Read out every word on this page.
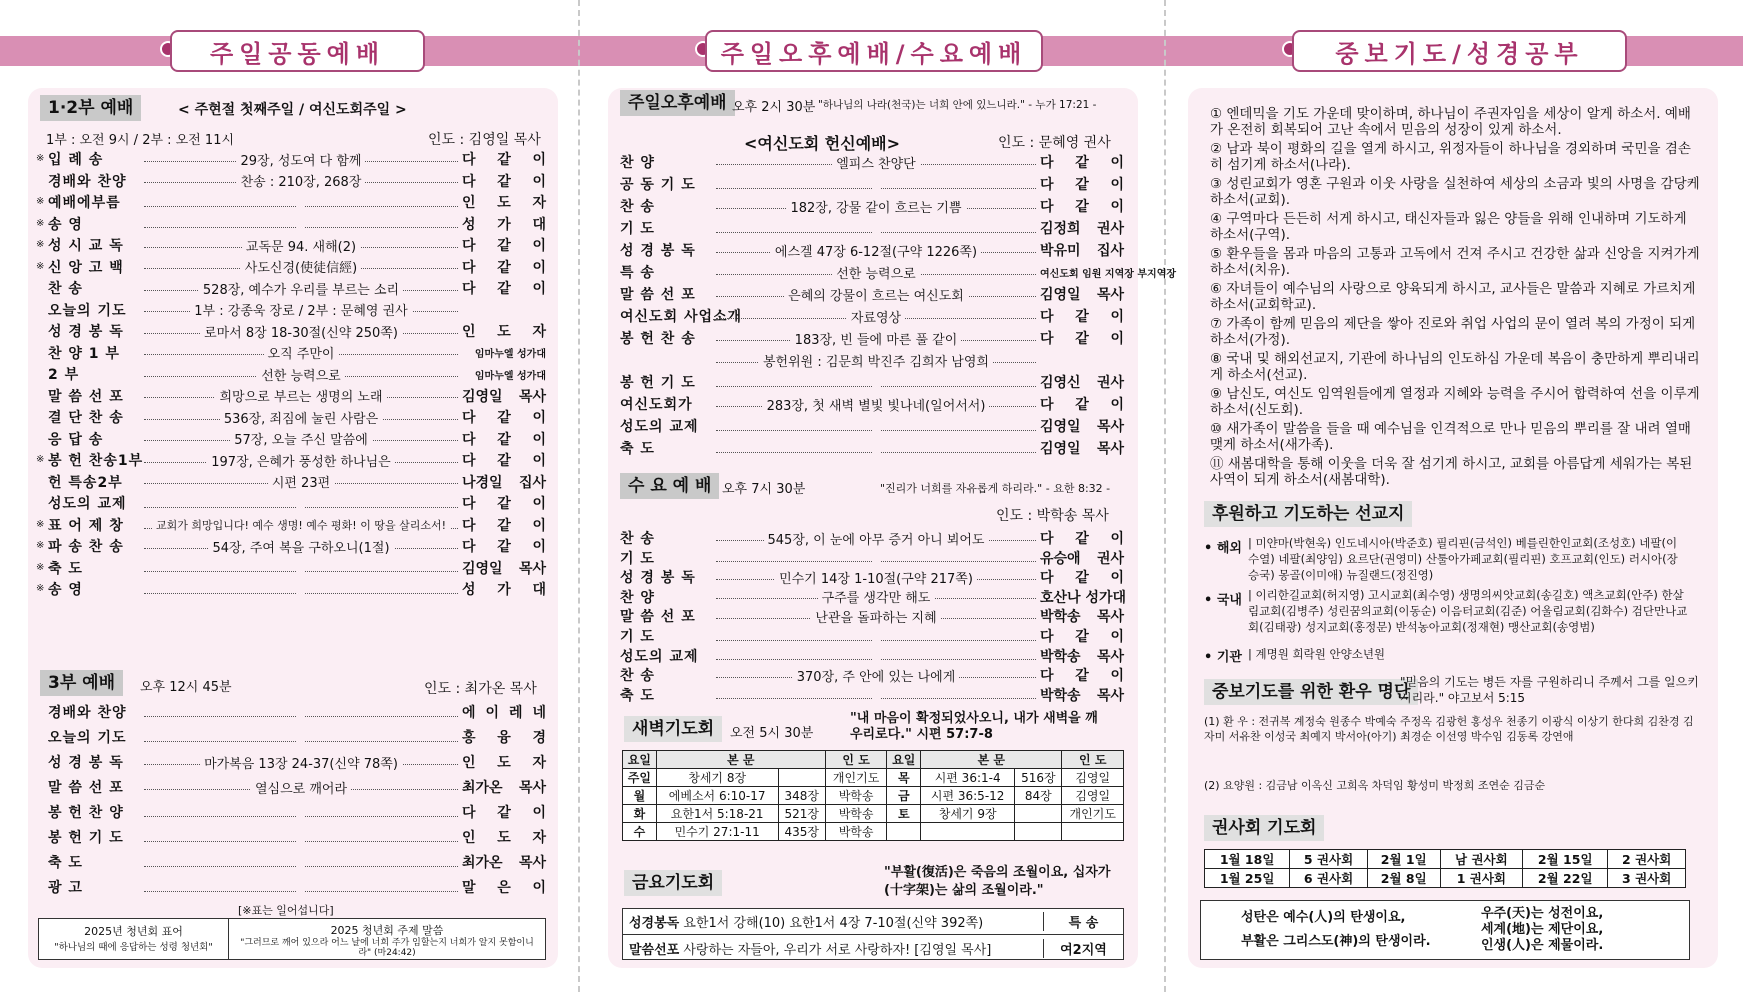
주일공동예배	주일오후예배/수요예배	중보기도/성경공부
1·2부 예배	< 주현절 첫째주일 / 여신도회주일 >
1부 : 오전 9시 / 2부 : 오전 11시	인도 : 김영일 목사
※ 입 례 송	29장, 성도여 다 함께	다 같 이
경배와 찬양	찬송 : 210장, 268장	다 같 이
※ 예배에부름	인 도 자
※ 송 영	성 가 대
※ 성 시 교 독	교독문 94. 새해(2)	다 같 이
※ 신 앙 고 백	사도신경(使徒信經)	다 같 이
찬 송	528장, 예수가 우리를 부르는 소리	다 같 이
오늘의 기도	1부 : 강종욱 장로 / 2부 : 문혜영 권사
성 경 봉 독	로마서 8장 18-30절(신약 250쪽)	인 도 자
찬 양 1 부	오직 주만이	임마누엘 성가대
2 부	선한 능력으로	임마누엘 성가대
말 씀 선 포	희망으로 부르는 생명의 노래	김영일 목사
결 단 찬 송	536장, 죄짐에 눌린 사람은	다 같 이
응 답 송	57장, 오늘 주신 말씀에	다 같 이
※ 봉 헌 찬송1부	197장, 은혜가 풍성한 하나님은	다 같 이
헌 특송2부	시편 23편	나경일 집사
성도의 교제	다 같 이
※ 표 어 제 창	교회가 희망입니다! 예수 생명! 예수 평화! 이 땅을 살리소서!	다 같 이
※ 파 송 찬 송	54장, 주여 복을 구하오니(1절)	다 같 이
※ 축 도	김영일 목사
※ 송 영	성 가 대
3부 예배	오후 12시 45분	인도 : 최가온 목사
경배와 찬양	에 이 레 네
오늘의 기도	홍 융 경
성 경 봉 독	마가복음 13장 24-37(신약 78쪽)	인 도 자
말 씀 선 포	열심으로 깨어라	최가온 목사
봉 헌 찬 양	다 같 이
봉 헌 기 도	인 도 자
축 도	최가온 목사
광 고	말 은 이
[※표는 일어섭니다]
2025년 청년회 표어
"하나님의 때에 응답하는 성령 청년회"
2025 청년회 주제 말씀
"그러므로 깨어 있으라 어느 날에 너희 주가 임할는지 너희가 알지 못함이니라" (마24:42)
주일오후예배 오후 2시 30분 "하나님의 나라(천국)는 너희 안에 있느니라." - 누가 17:21 -
<여신도회 헌신예배>	인도 : 문혜영 권사
찬 양	엘피스 찬양단	다 같 이
공 동 기 도	다 같 이
찬 송	182장, 강물 같이 흐르는 기쁨	다 같 이
기 도	김정희 권사
성 경 봉 독	에스겔 47장 6-12절(구약 1226쪽)	박유미 집사
특 송	선한 능력으로	여신도회 임원 지역장 부지역장
말 씀 선 포	은혜의 강물이 흐르는 여신도회	김영일 목사
여신도회 사업소개	자료영상	다 같 이
봉 헌 찬 송	183장, 빈 들에 마른 풀 같이	다 같 이
봉헌위원 : 김문희 박진주 김희자 남영희
봉 헌 기 도	김영신 권사
여신도회가	283장, 첫 새벽 별빛 빛나네(일어서서)	다 같 이
성도의 교제	김영일 목사
축 도	김영일 목사
수 요 예 배 오후 7시 30분	"진리가 너희를 자유롭게 하리라." - 요한 8:32 -
인도 : 박학송 목사
찬 송	545장, 이 눈에 아무 증거 아니 뵈어도	다 같 이
기 도	유승애 권사
성 경 봉 독	민수기 14장 1-10절(구약 217쪽)	다 같 이
찬 양	구주를 생각만 해도	호산나 성가대
말 씀 선 포	난관을 돌파하는 지혜	박학송 목사
기 도	다 같 이
성도의 교제	박학송 목사
찬 송	370장, 주 안에 있는 나에게	다 같 이
축 도	박학송 목사
새벽기도회	오전 5시 30분
"내 마음이 확정되었사오니, 내가 새벽을 깨우리로다." 시편 57:7-8
요일	본 문		인 도	요일	본 문		인 도
주일	창세기 8장		개인기도	목	시편 36:1-4	516장	김영일
월	에베소서 6:10-17	348장	박학송	금	시편 36:5-12	84장	김영일
화	요한1서 5:18-21	521장	박학송	토	창세기 9장		개인기도
수	민수기 27:1-11	435장	박학송				
금요기도회
"부활(復活)은 죽음의 조월이요, 십자가(十字架)는 삶의 조월이라."
성경봉독 요한1서 강해(10) 요한1서 4장 7-10절(신약 392쪽)	특 송
말씀선포 사랑하는 자들아, 우리가 서로 사랑하자! [김영일 목사]	여2지역
① 엔데믹을 기도 가운데 맞이하며, 하나님이 주권자임을 세상이 알게 하소서. 예배가 온전히 회복되어 고난 속에서 믿음의 성장이 있게 하소서.
② 남과 북이 평화의 길을 열게 하시고, 위정자들이 하나님을 경외하며 국민을 겸손히 섬기게 하소서(나라).
③ 성린교회가 영혼 구원과 이웃 사랑을 실천하여 세상의 소금과 빛의 사명을 감당케 하소서(교회).
④ 구역마다 든든히 서게 하시고, 태신자들과 잃은 양들을 위해 인내하며 기도하게 하소서(구역).
⑤ 환우들을 몸과 마음의 고통과 고독에서 건져 주시고 건강한 삶과 신앙을 지켜가게 하소서(치유).
⑥ 자녀들이 예수님의 사랑으로 양육되게 하시고, 교사들은 말씀과 지혜로 가르치게 하소서(교회학교).
⑦ 가족이 함께 믿음의 제단을 쌓아 진로와 취업 사업의 문이 열려 복의 가정이 되게 하소서(가정).
⑧ 국내 및 해외선교지, 기관에 하나님의 인도하심 가운데 복음이 충만하게 뿌리내리게 하소서(선교).
⑨ 남신도, 여신도 임역원들에게 열정과 지혜와 능력을 주시어 합력하여 선을 이루게 하소서(신도회).
⑩ 새가족이 말씀을 들을 때 예수님을 인격적으로 만나 믿음의 뿌리를 잘 내려 열매 맺게 하소서(새가족).
⑪ 새봄대학을 통해 이웃을 더욱 잘 섬기게 하시고, 교회를 아름답게 세워가는 복된 사역이 되게 하소서(새봄대학).
후원하고 기도하는 선교지
• 해외 | 미얀마(박현욱) 인도네시아(박준호) 필리핀(금석인) 베를린한인교회(조성호) 네팔(이수열) 네팔(최양임) 요르단(권영미) 산툴아가페교회(필리핀) 호프교회(인도) 러시아(장승국) 몽골(이미애) 뉴질랜드(정진영)
• 국내 | 이리한길교회(허지영) 고시교회(최수영) 생명의씨앗교회(송길호) 액츠교회(안주) 한살림교회(김병주) 성린꿈의교회(이동순) 이음터교회(김준) 어울림교회(김화수) 검단만나교회(김태광) 성지교회(홍정문) 반석농아교회(정재현) 맹산교회(송영범)
• 기관 | 계명원 희락원 안양소년원
중보기도를 위한 환우 명단
"믿음의 기도는 병든 자를 구원하리니 주께서 그를 일으키시리라." 야고보서 5:15
(1) 환 우 : 전귀복 계정숙 원종수 박예숙 주정옥 김광헌 홍성우 천종기 이광식 이상기 한다희 김찬경 김자미 서유찬 이성국 최예지 박서아(아기) 최경순 이선영 박수임 김동록 강연애
(2) 요양원 : 김금남 이옥신 고희옥 차덕임 황성미 박정희 조연순 김금순
권사회 기도회
1월 18일	5 권사회	2월 1일	남 권사회	2월 15일	2 권사회
1월 25일	6 권사회	2월 8일	1 권사회	2월 22일	3 권사회
성탄은 예수(人)의 탄생이요,
부활은 그리스도(神)의 탄생이라.
우주(天)는 성전이요,
세계(地)는 제단이요,
인생(人)은 제물이라.
